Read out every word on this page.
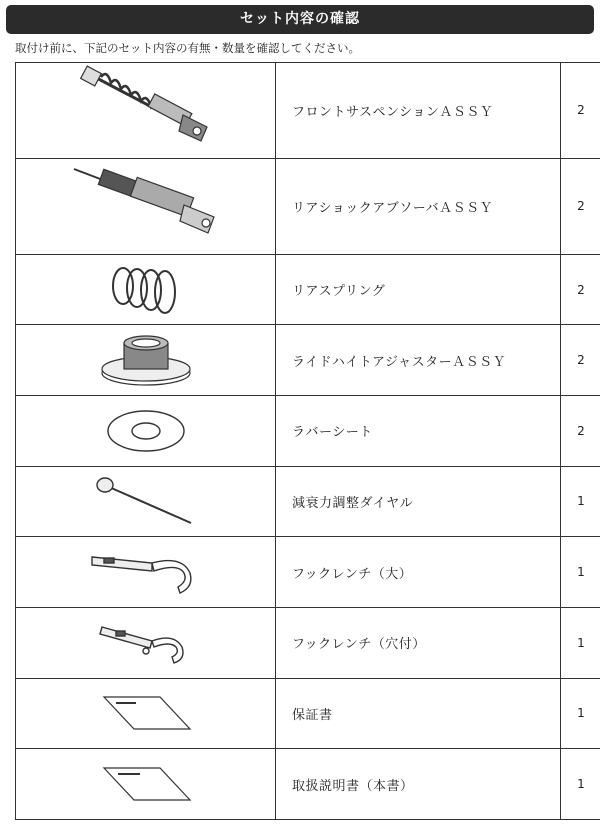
セット内容の確認
取付け前に、下記のセット内容の有無・数量を確認してください。
	フロントサスペンションＡＳＳＹ	2

	リアショックアブソーバＡＳＳＹ	2

	リアスプリング	2

	ライドハイトアジャスターＡＳＳＹ	2

	ラバーシート	2

	減衰力調整ダイヤル	1

	フックレンチ（大）	1

	フックレンチ（穴付）	1

	保証書	1

	取扱説明書（本書）	1
